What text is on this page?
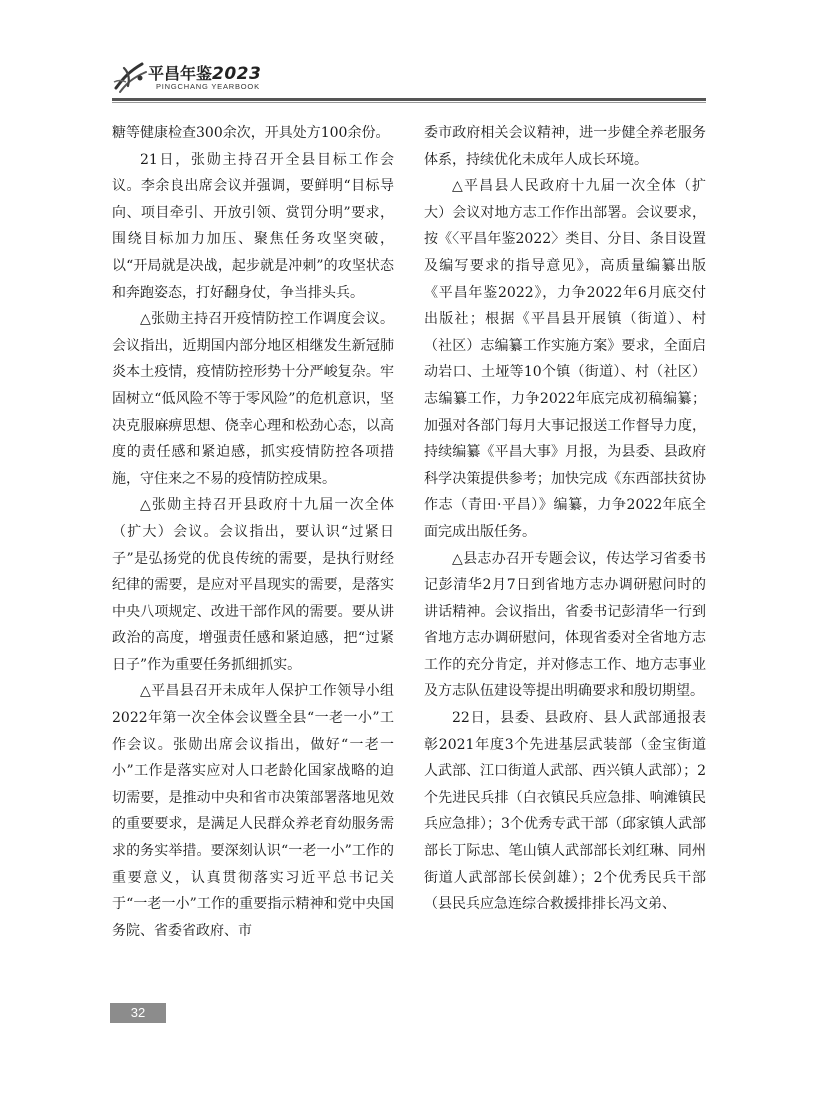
平昌年鉴2023
PINGCHANG YEARBOOK

糖等健康检查300余次，开具处方100余份。

21日，张勋主持召开全县目标工作会议。李余良出席会议并强调，要鲜明“目标导向、项目牵引、开放引领、赏罚分明”要求，围绕目标加力加压、聚焦任务攻坚突破，以“开局就是决战，起步就是冲刺”的攻坚状态和奔跑姿态，打好翻身仗，争当排头兵。

△张勋主持召开疫情防控工作调度会议。会议指出，近期国内部分地区相继发生新冠肺炎本土疫情，疫情防控形势十分严峻复杂。牢固树立“低风险不等于零风险”的危机意识，坚决克服麻痹思想、侥幸心理和松劲心态，以高度的责任感和紧迫感，抓实疫情防控各项措施，守住来之不易的疫情防控成果。

△张勋主持召开县政府十九届一次全体（扩大）会议。会议指出，要认识“过紧日子”是弘扬党的优良传统的需要，是执行财经纪律的需要，是应对平昌现实的需要，是落实中央八项规定、改进干部作风的需要。要从讲政治的高度，增强责任感和紧迫感，把“过紧日子”作为重要任务抓细抓实。

△平昌县召开未成年人保护工作领导小组2022年第一次全体会议暨全县“一老一小”工作会议。张勋出席会议指出，做好“一老一小”工作是落实应对人口老龄化国家战略的迫切需要，是推动中央和省市决策部署落地见效的重要要求，是满足人民群众养老育幼服务需求的务实举措。要深刻认识“一老一小”工作的重要意义，认真贯彻落实习近平总书记关于“一老一小”工作的重要指示精神和党中央国务院、省委省政府、市

委市政府相关会议精神，进一步健全养老服务体系，持续优化未成年人成长环境。

△平昌县人民政府十九届一次全体（扩大）会议对地方志工作作出部署。会议要求，按《〈平昌年鉴2022〉类目、分目、条目设置及编写要求的指导意见》，高质量编纂出版《平昌年鉴2022》，力争2022年6月底交付出版社；根据《平昌县开展镇（街道）、村（社区）志编纂工作实施方案》要求，全面启动岩口、土垭等10个镇（街道）、村（社区）志编纂工作，力争2022年底完成初稿编纂；加强对各部门每月大事记报送工作督导力度，持续编纂《平昌大事》月报，为县委、县政府科学决策提供参考；加快完成《东西部扶贫协作志（青田·平昌）》编纂，力争2022年底全面完成出版任务。

△县志办召开专题会议，传达学习省委书记彭清华2月7日到省地方志办调研慰问时的讲话精神。会议指出，省委书记彭清华一行到省地方志办调研慰问，体现省委对全省地方志工作的充分肯定，并对修志工作、地方志事业及方志队伍建设等提出明确要求和殷切期望。

22日，县委、县政府、县人武部通报表彰2021年度3个先进基层武装部（金宝街道人武部、江口街道人武部、西兴镇人武部）；2个先进民兵排（白衣镇民兵应急排、响滩镇民兵应急排）；3个优秀专武干部（邱家镇人武部部长丁际忠、笔山镇人武部部长刘红琳、同州街道人武部部长侯剑雄）；2个优秀民兵干部（县民兵应急连综合救援排排长冯文弟、

32
